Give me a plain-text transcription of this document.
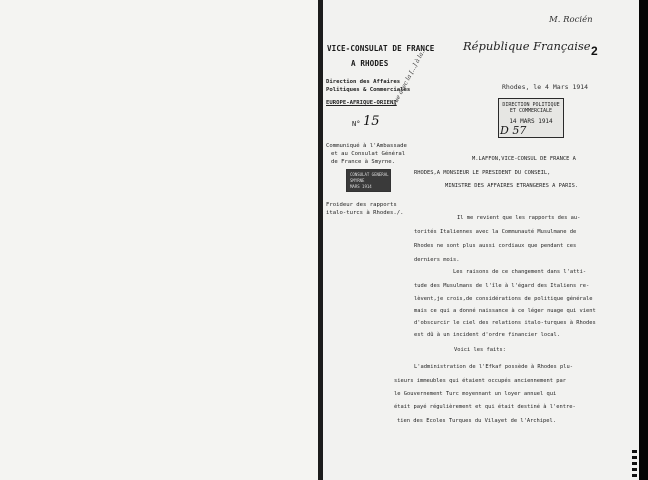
M. Rocién
2
VICE-CONSULAT DE FRANCE
A RHODES
République Française
Direction des Affaires
Politiques & Commerciales
EUROPE-AFRIQUE-ORIENT
N° 15
Communiqué à l'Ambassade
et au Consulat Général
de France à Smyrne.
CONSULAT GENERAL
SMYRNE
MARS 1914
Froideur des rapports
italo-turcs à Rhodes./.
vue avec la [...] à la...	Rhodes, le 4 Mars 1914
DIRECTION POLITIQUE
ET COMMERCIALE
14 MARS 1914
D 57
M.LAFFON,VICE-CONSUL DE FRANCE A
RHODES,A MONSIEUR LE PRESIDENT DU CONSEIL,
MINISTRE DES AFFAIRES ETRANGERES A PARIS.
Il me revient que les rapports des au-
torités Italiennes avec la Communauté Musulmane de
Rhodes ne sont plus aussi cordiaux que pendant ces
derniers mois.
Les raisons de ce changement dans l'atti-
tude des Musulmans de l'île à l'égard des Italiens re-
lèvent,je crois,de considérations de politique générale
mais ce qui a donné naissance à ce léger nuage qui vient
d'obscurcir le ciel des relations italo-turques à Rhodes
est dû à un incident d'ordre financier local.
Voici les faits:
L'administration de l'Efkaf possède à Rhodes plu-
sieurs immeubles qui étaient occupés anciennement par
le Gouvernement Turc moyennant un loyer annuel qui
était payé régulièrement et qui était destiné à l'entre-
tien des Ecoles Turques du Vilayet de l'Archipel.
